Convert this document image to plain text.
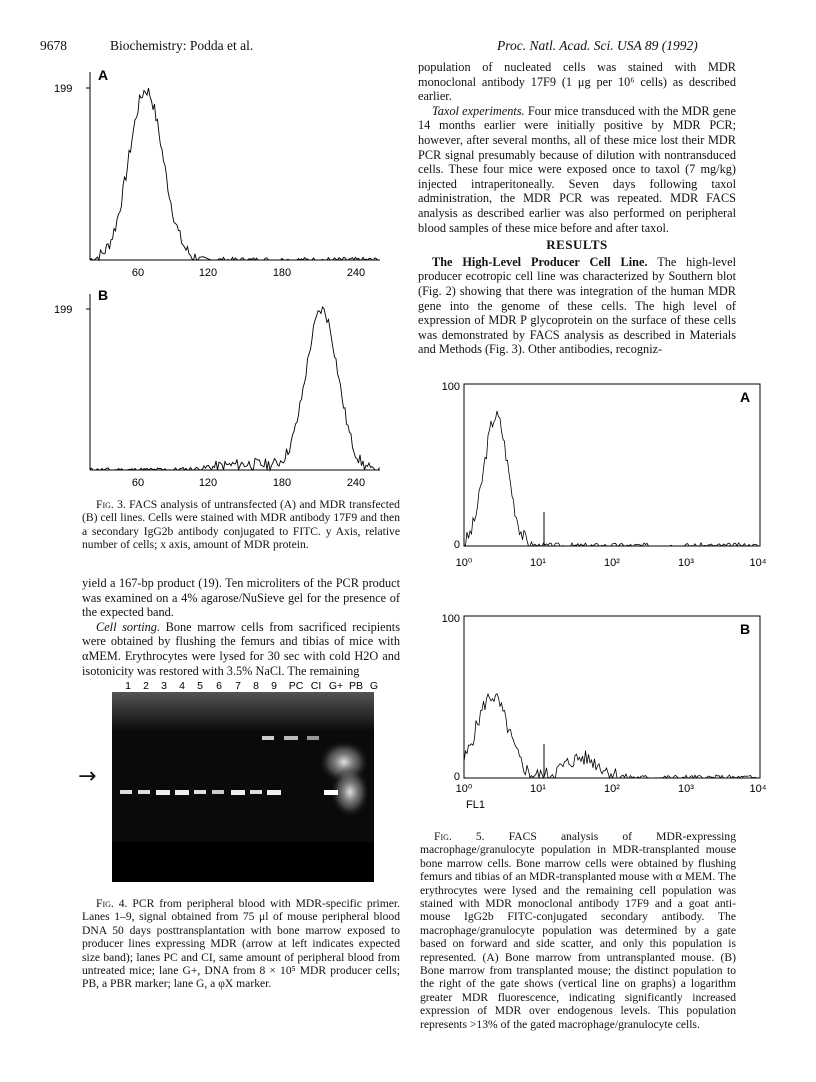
9678	Biochemistry: Podda et al.	Proc. Natl. Acad. Sci. USA 89 (1992)
199
A
60	120	180	240
199
B
60	120	180	240

Fig. 3. FACS analysis of untransfected (A) and MDR transfected (B) cell lines. Cells were stained with MDR antibody 17F9 and then a secondary IgG2b antibody conjugated to FITC. y Axis, relative number of cells; x axis, amount of MDR protein.

yield a 167-bp product (19). Ten microliters of the PCR product was examined on a 4% agarose/NuSieve gel for the presence of the expected band.

Cell sorting. Bone marrow cells from sacrificed recipients were obtained by flushing the femurs and tibias of mice with αMEM. Erythrocytes were lysed for 30 sec with cold H2O and isotonicity was restored with 3.5% NaCl. The remaining

1 2 3 4 5 6 7 8 9 PC CI G+ PB G
→

Fig. 4. PCR from peripheral blood with MDR-specific primer. Lanes 1–9, signal obtained from 75 μl of mouse peripheral blood DNA 50 days posttransplantation with bone marrow exposed to producer lines expressing MDR (arrow at left indicates expected size band); lanes PC and CI, same amount of peripheral blood from untreated mice; lane G+, DNA from 8 × 10⁵ MDR producer cells; PB, a PBR marker; lane G, a φX marker.

population of nucleated cells was stained with MDR monoclonal antibody 17F9 (1 μg per 10⁶ cells) as described earlier.

Taxol experiments. Four mice transduced with the MDR gene 14 months earlier were initially positive by MDR PCR; however, after several months, all of these mice lost their MDR PCR signal presumably because of dilution with nontransduced cells. These four mice were exposed once to taxol (7 mg/kg) injected intraperitoneally. Seven days following taxol administration, the MDR PCR was repeated. MDR FACS analysis as described earlier was also performed on peripheral blood samples of these mice before and after taxol.

RESULTS

The High-Level Producer Cell Line. The high-level producer ecotropic cell line was characterized by Southern blot (Fig. 2) showing that there was integration of the human MDR gene into the genome of these cells. The high level of expression of MDR P glycoprotein on the surface of these cells was demonstrated by FACS analysis as described in Materials and Methods (Fig. 3). Other antibodies, recogniz-

100
0
A
10⁰	10¹	10²	10³	10⁴
100
0
B
10⁰	10¹	10²	10³	10⁴
FL1

Fig. 5. FACS analysis of MDR-expressing macrophage/granulocyte population in MDR-transplanted mouse bone marrow cells. Bone marrow cells were obtained by flushing femurs and tibias of an MDR-transplanted mouse with α MEM. The erythrocytes were lysed and the remaining cell population was stained with MDR monoclonal antibody 17F9 and a goat anti-mouse IgG2b FITC-conjugated secondary antibody. The macrophage/granulocyte population was determined by a gate based on forward and side scatter, and only this population is represented. (A) Bone marrow from untransplanted mouse. (B) Bone marrow from transplanted mouse; the distinct population to the right of the gate shows (vertical line on graphs) a logarithm greater MDR fluorescence, indicating significantly increased expression of MDR over endogenous levels. This population represents >13% of the gated macrophage/granulocyte cells.
